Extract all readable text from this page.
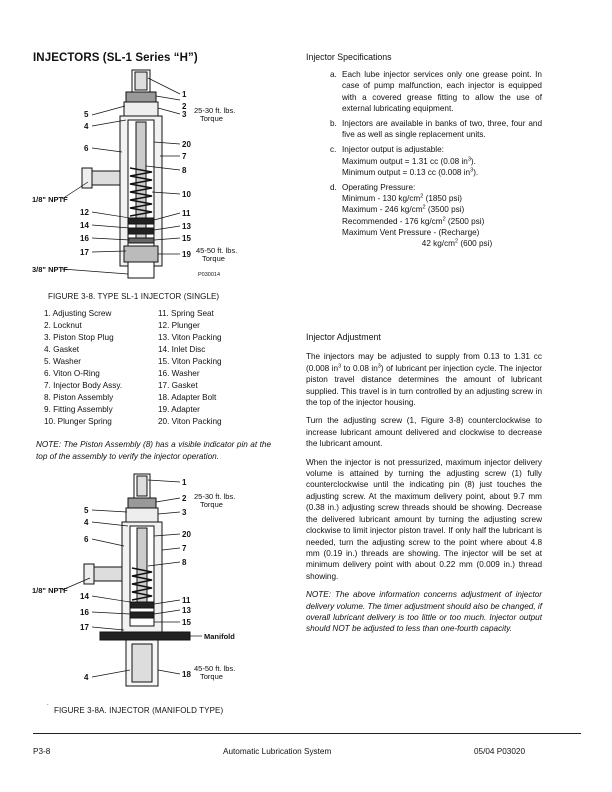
INJECTORS (SL-1 Series “H”)
5
4
6
12
14
16
17
1
2
3
20
7
8
10
11
13
15
19
25-30 ft. lbs.
Torque
45-50 ft. lbs.
Torque
1/8" NPTF
3/8" NPTF
P030014
FIGURE 3-8. TYPE SL-1 INJECTOR (SINGLE)
1. Adjusting Screw
2. Locknut
3. Piston Stop Plug
4. Gasket
5. Washer
6. Viton O-Ring
7. Injector Body Assy.
8. Piston Assembly
9. Fitting Assembly
10. Plunger Spring
11. Spring Seat
12. Plunger
13. Viton Packing
14. Inlet Disc
15. Viton Packing
16. Washer
17. Gasket
18. Adapter Bolt
19. Adapter
20. Viton Packing
NOTE: The Piston Assembly (8) has a visible indicator pin at the top of the assembly to verify the injector operation.
5
4
6
14
16
17
4
1
2
3
20
7
8
11
13
15
18
25-30 ft. lbs.
Torque
45-50 ft. lbs.
Torque
1/8" NPTF
Manifold
.
FIGURE 3-8A. INJECTOR (MANIFOLD TYPE)
Injector Specifications
a. Each lube injector services only one grease point. In case of pump malfunction, each injector is equipped with a covered grease fitting to allow the use of external lubricating equipment.
b. Injectors are available in banks of two, three, four and five as well as single replacement units.
c. Injector output is adjustable:
Maximum output = 1.31 cc (0.08 $in^3$).
Minimum output = 0.13 cc (0.008 $in^3$).
d. Operating Pressure:
Minimum - 130 $kg/cm^2$ (1850 psi)
Maximum - 246 $kg/cm^2$ (3500 psi)
Recommended - 176 $kg/cm^2$ (2500 psi)
Maximum Vent Pressure - (Recharge)
42 $kg/cm^2$ (600 psi)
Injector Adjustment

The injectors may be adjusted to supply from 0.13 to 1.31 cc (0.008 $in^3$ to 0.08 $in^3$) of lubricant per injection cycle. The injector piston travel distance determines the amount of lubricant supplied. This travel is in turn controlled by an adjusting screw in the top of the injector housing.

Turn the adjusting screw (1, Figure 3-8) counterclockwise to increase lubricant amount delivered and clockwise to decrease the lubricant amount.

When the injector is not pressurized, maximum injector delivery volume is attained by turning the adjusting screw (1) fully counterclockwise until the indicating pin (8) just touches the adjusting screw. At the maximum delivery point, about 9.7 mm (0.38 in.) adjusting screw threads should be showing. Decrease the delivered lubricant amount by turning the adjusting screw clockwise to limit injector piston travel. If only half the lubricant is needed, turn the adjusting screw to the point where about 4.8 mm (0.19 in.) threads are showing. The injector will be set at minimum delivery point with about 0.22 mm (0.009 in.) thread showing.

NOTE: The above information concerns adjustment of injector delivery volume. The timer adjustment should also be changed, if overall lubricant delivery is too little or too much. Injector output should NOT be adjusted to less than one-fourth capacity.

P3-8	Automatic Lubrication System	05/04 P03020
